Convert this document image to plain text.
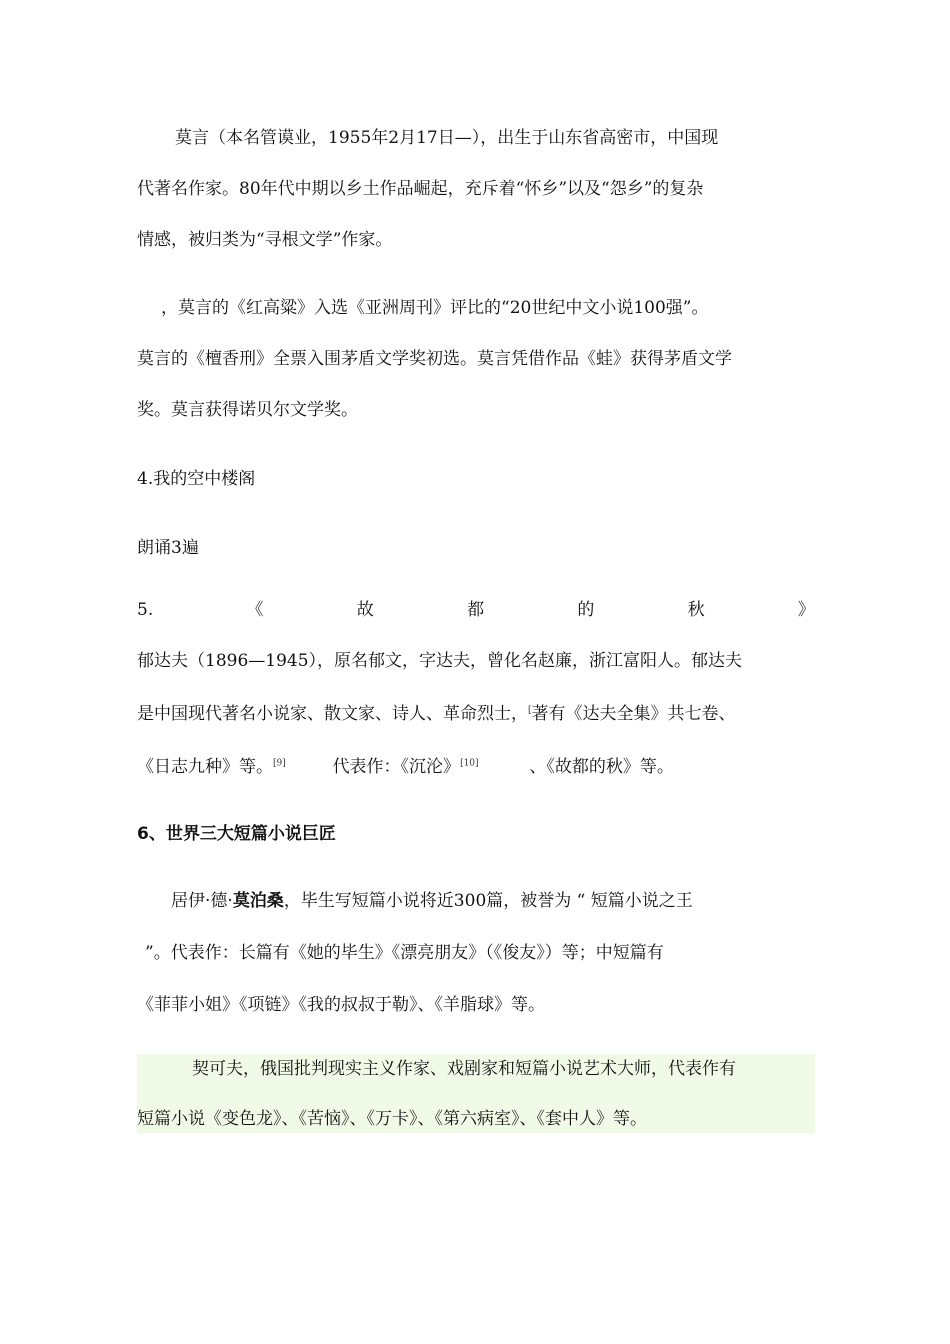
莫言（本名管谟业，1955年2月17日—），出生于山东省高密市，中国现
代著名作家。80年代中期以乡土作品崛起，充斥着“怀乡”以及“怨乡”的复杂
情感，被归类为“寻根文学”作家。
，莫言的《红高粱》入选《亚洲周刊》评比的“20世纪中文小说100强”。
莫言的《檀香刑》全票入围茅盾文学奖初选。莫言凭借作品《蛙》获得茅盾文学
奖。莫言获得诺贝尔文学奖。
4.我的空中楼阁
朗诵3遍
5.	《	故	都	的	秋	》
郁达夫（1896—1945），原名郁文，字达夫，曾化名赵廉，浙江富阳人。郁达夫
是中国现代著名小说家、散文家、诗人、革命烈士，[著有《达夫全集》共七卷、
《日志九种》等。[9]	代表作：《沉沦》[10]	、《故都的秋》等。
6、世界三大短篇小说巨匠
居伊·德·莫泊桑，毕生写短篇小说将近300篇，被誉为 “ 短篇小说之王
”。代表作：长篇有《她的毕生》《漂亮朋友》（《俊友》）等；中短篇有
《菲菲小姐》《项链》《我的叔叔于勒》、《羊脂球》等。
契可夫，俄国批判现实主义作家、戏剧家和短篇小说艺术大师，代表作有
短篇小说《变色龙》、《苦恼》、《万卡》、《第六病室》、《套中人》等。
